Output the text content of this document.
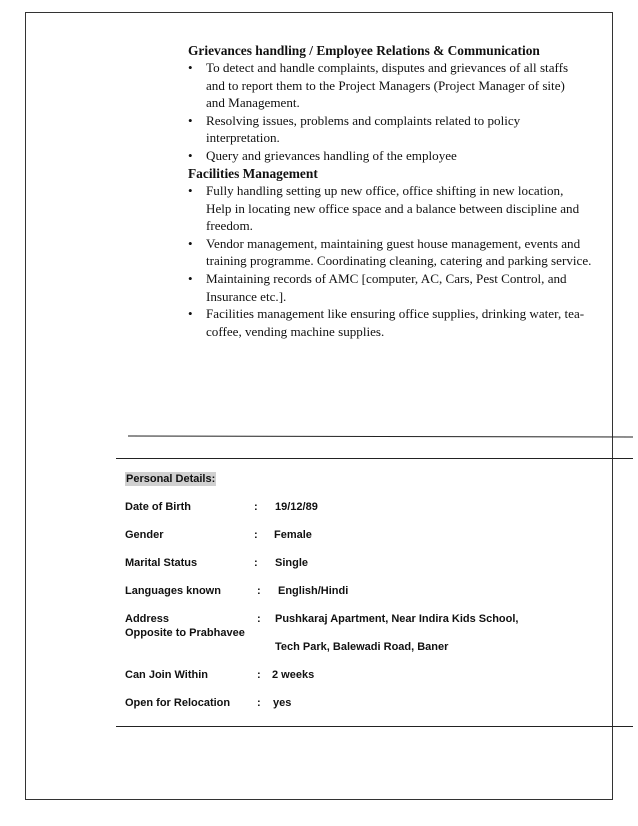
Grievances handling / Employee Relations & Communication

• To detect and handle complaints, disputes and grievances of all staffs and to report them to the Project Managers (Project Manager of site) and Management.
• Resolving issues, problems and complaints related to policy interpretation.
• Query and grievances handling of the employee

Facilities Management

• Fully handling setting up new office, office shifting in new location, Help in locating new office space and a balance between discipline and freedom.
• Vendor management, maintaining guest house management, events and training programme. Coordinating cleaning, catering and parking service.
• Maintaining records of AMC [computer, AC, Cars, Pest Control, and Insurance etc.].
• Facilities management like ensuring office supplies, drinking water, tea-coffee, vending machine supplies.
Personal Details:
Date of Birth	: 19/12/89
Gender	: Female
Marital Status	: Single
Languages known	: English/Hindi
Address	: Pushkaraj Apartment, Near Indira Kids School,
Opposite to Prabhavee
Tech Park, Balewadi Road, Baner
Can Join Within	: 2 weeks
Open for Relocation : yes
